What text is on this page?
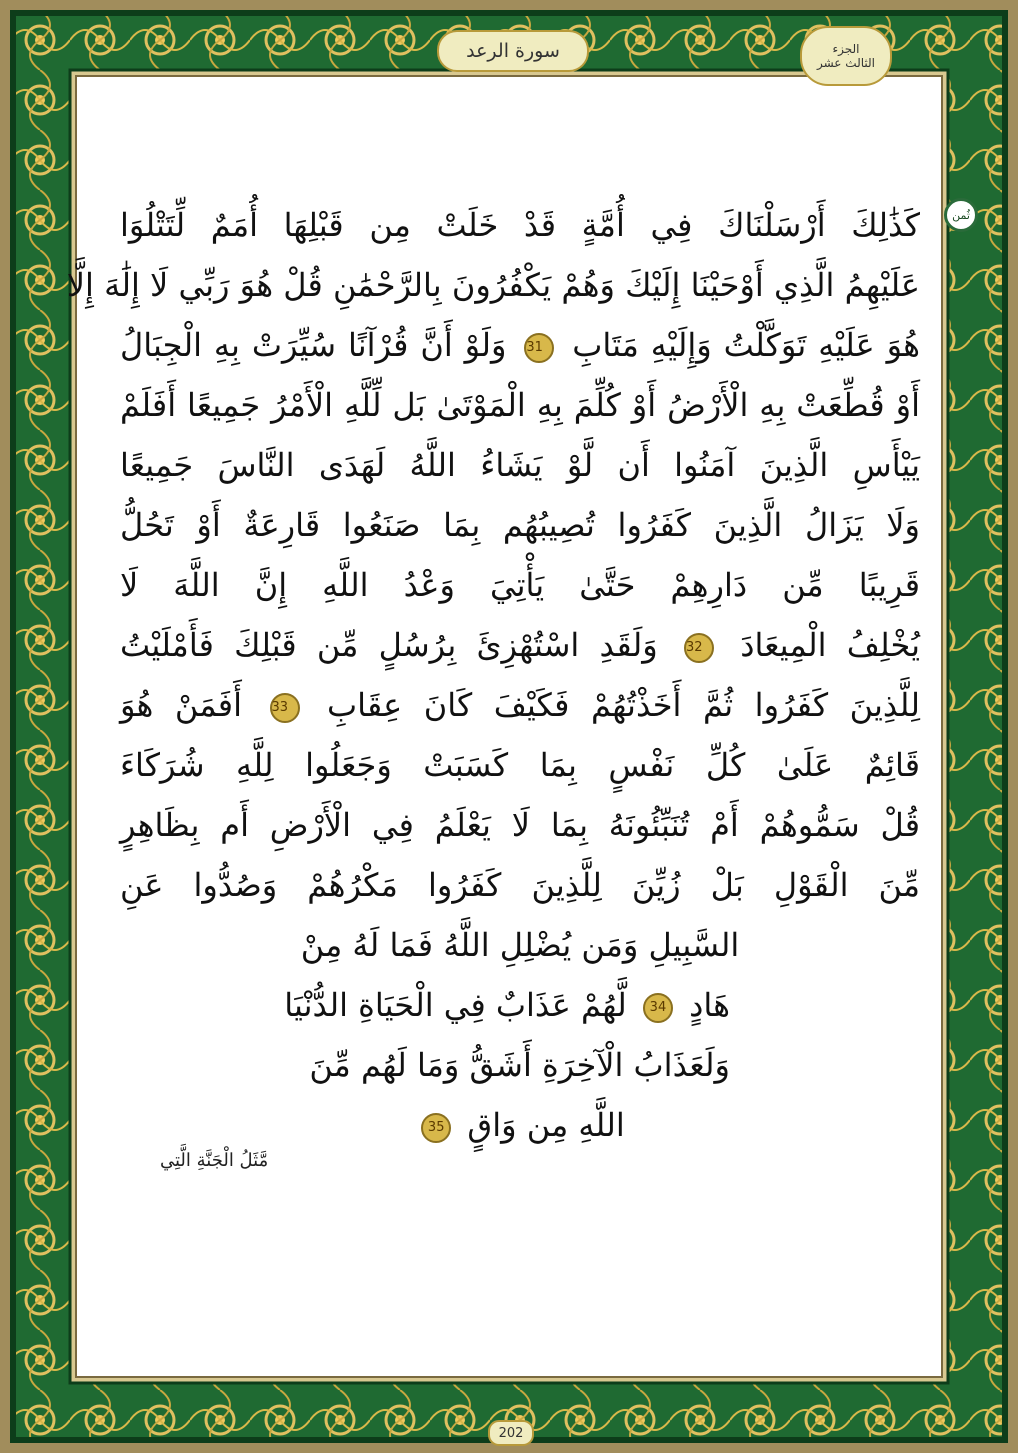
سورة الرعد	الجزء
الثالث عشر
ثُمن
كَذَٰلِكَ أَرْسَلْنَاكَ فِي أُمَّةٍ قَدْ خَلَتْ مِن قَبْلِهَا أُمَمٌ لِّتَتْلُوَا
عَلَيْهِمُ الَّذِي أَوْحَيْنَا إِلَيْكَ وَهُمْ يَكْفُرُونَ بِالرَّحْمَٰنِ قُلْ هُوَ رَبِّي لَا إِلَٰهَ إِلَّا
هُوَ عَلَيْهِ تَوَكَّلْتُ وَإِلَيْهِ مَتَابِ 31 وَلَوْ أَنَّ قُرْآنًا سُيِّرَتْ بِهِ الْجِبَالُ
أَوْ قُطِّعَتْ بِهِ الْأَرْضُ أَوْ كُلِّمَ بِهِ الْمَوْتَىٰ بَل لِّلَّهِ الْأَمْرُ جَمِيعًا أَفَلَمْ
يَيْأَسِ الَّذِينَ آمَنُوا أَن لَّوْ يَشَاءُ اللَّهُ لَهَدَى النَّاسَ جَمِيعًا
وَلَا يَزَالُ الَّذِينَ كَفَرُوا تُصِيبُهُم بِمَا صَنَعُوا قَارِعَةٌ أَوْ تَحُلُّ
قَرِيبًا مِّن دَارِهِمْ حَتَّىٰ يَأْتِيَ وَعْدُ اللَّهِ إِنَّ اللَّهَ لَا
يُخْلِفُ الْمِيعَادَ 32 وَلَقَدِ اسْتُهْزِئَ بِرُسُلٍ مِّن قَبْلِكَ فَأَمْلَيْتُ
لِلَّذِينَ كَفَرُوا ثُمَّ أَخَذْتُهُمْ فَكَيْفَ كَانَ عِقَابِ 33 أَفَمَنْ هُوَ
قَائِمٌ عَلَىٰ كُلِّ نَفْسٍ بِمَا كَسَبَتْ وَجَعَلُوا لِلَّهِ شُرَكَاءَ
قُلْ سَمُّوهُمْ أَمْ تُنَبِّئُونَهُ بِمَا لَا يَعْلَمُ فِي الْأَرْضِ أَم بِظَاهِرٍ
مِّنَ الْقَوْلِ بَلْ زُيِّنَ لِلَّذِينَ كَفَرُوا مَكْرُهُمْ وَصُدُّوا عَنِ
السَّبِيلِ وَمَن يُضْلِلِ اللَّهُ فَمَا لَهُ مِنْ
هَادٍ 34 لَّهُمْ عَذَابٌ فِي الْحَيَاةِ الدُّنْيَا
وَلَعَذَابُ الْآخِرَةِ أَشَقُّ وَمَا لَهُم مِّنَ
اللَّهِ مِن وَاقٍ 35
مَّثَلُ الْجَنَّةِ الَّتِي
202
